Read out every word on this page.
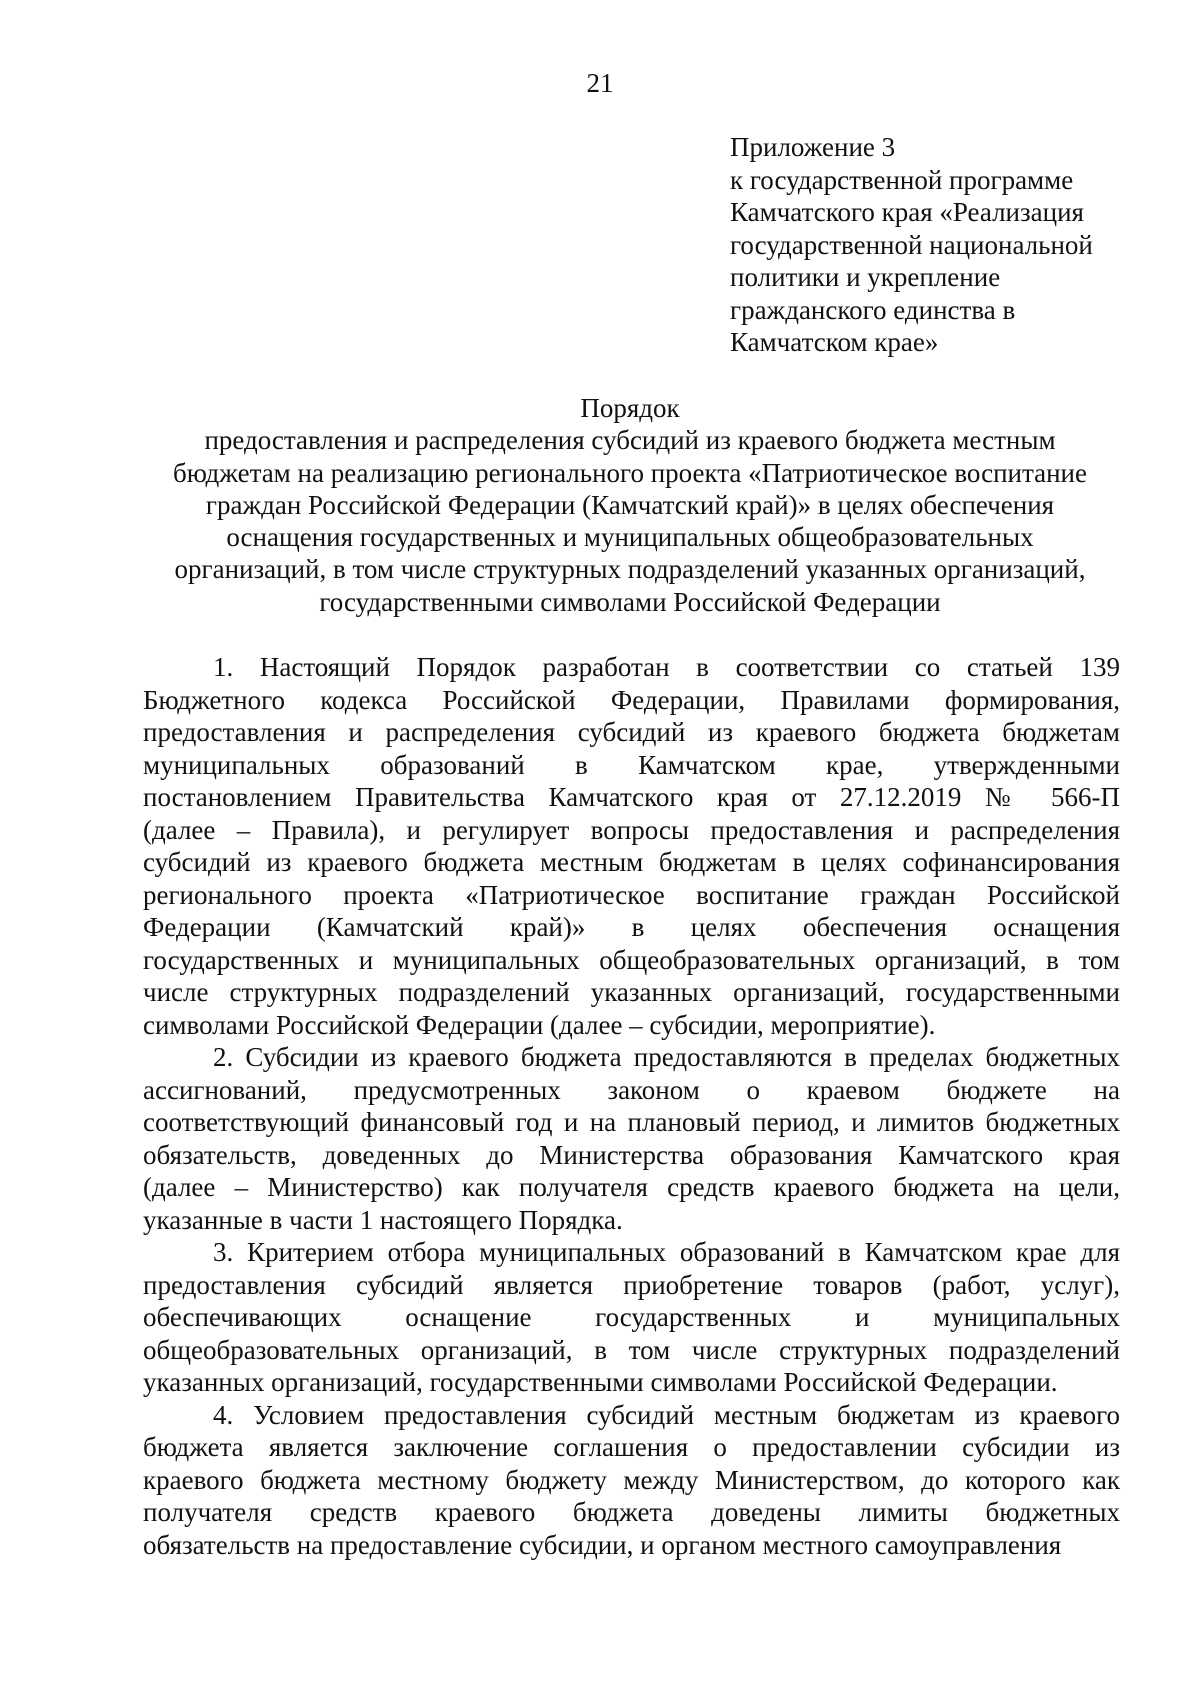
21
Приложение 3
к государственной программе
Камчатского края «Реализация
государственной национальной
политики и укрепление
гражданского единства в
Камчатском крае»
Порядок
предоставления и распределения субсидий из краевого бюджета местным
бюджетам на реализацию регионального проекта «Патриотическое воспитание
граждан Российской Федерации (Камчатский край)» в целях обеспечения
оснащения государственных и муниципальных общеобразовательных
организаций, в том числе структурных подразделений указанных организаций,
государственными символами Российской Федерации
1. Настоящий Порядок разработан в соответствии со статьей 139
Бюджетного кодекса Российской Федерации, Правилами формирования,
предоставления и распределения субсидий из краевого бюджета бюджетам
муниципальных образований в Камчатском крае, утвержденными
постановлением Правительства Камчатского края от 27.12.2019 № 566-П
(далее – Правила), и регулирует вопросы предоставления и распределения
субсидий из краевого бюджета местным бюджетам в целях софинансирования
регионального проекта «Патриотическое воспитание граждан Российской
Федерации (Камчатский край)» в целях обеспечения оснащения
государственных и муниципальных общеобразовательных организаций, в том
числе структурных подразделений указанных организаций, государственными
символами Российской Федерации (далее – субсидии, мероприятие).
2. Субсидии из краевого бюджета предоставляются в пределах бюджетных
ассигнований, предусмотренных законом о краевом бюджете на
соответствующий финансовый год и на плановый период, и лимитов бюджетных
обязательств, доведенных до Министерства образования Камчатского края
(далее – Министерство) как получателя средств краевого бюджета на цели,
указанные в части 1 настоящего Порядка.
3. Критерием отбора муниципальных образований в Камчатском крае для
предоставления субсидий является приобретение товаров (работ, услуг),
обеспечивающих оснащение государственных и муниципальных
общеобразовательных организаций, в том числе структурных подразделений
указанных организаций, государственными символами Российской Федерации.
4. Условием предоставления субсидий местным бюджетам из краевого
бюджета является заключение соглашения о предоставлении субсидии из
краевого бюджета местному бюджету между Министерством, до которого как
получателя средств краевого бюджета доведены лимиты бюджетных
обязательств на предоставление субсидии, и органом местного самоуправления
